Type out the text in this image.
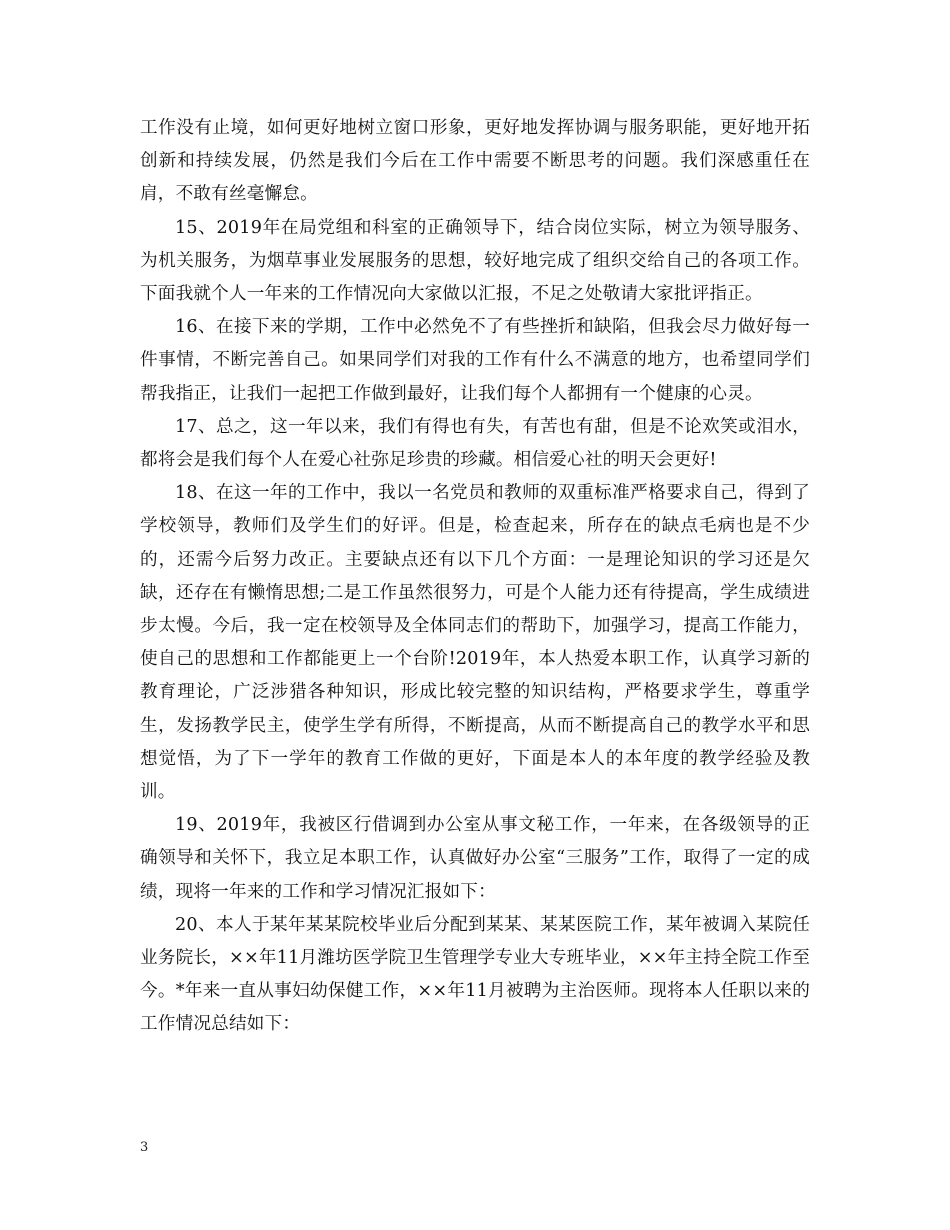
工作没有止境，如何更好地树立窗口形象，更好地发挥协调与服务职能，更好地开拓创新和持续发展，仍然是我们今后在工作中需要不断思考的问题。我们深感重任在肩，不敢有丝毫懈怠。

15、2019年在局党组和科室的正确领导下，结合岗位实际，树立为领导服务、为机关服务，为烟草事业发展服务的思想，较好地完成了组织交给自己的各项工作。下面我就个人一年来的工作情况向大家做以汇报，不足之处敬请大家批评指正。

16、在接下来的学期，工作中必然免不了有些挫折和缺陷，但我会尽力做好每一件事情，不断完善自己。如果同学们对我的工作有什么不满意的地方，也希望同学们帮我指正，让我们一起把工作做到最好，让我们每个人都拥有一个健康的心灵。

17、总之，这一年以来，我们有得也有失，有苦也有甜，但是不论欢笑或泪水，都将会是我们每个人在爱心社弥足珍贵的珍藏。相信爱心社的明天会更好!

18、在这一年的工作中，我以一名党员和教师的双重标准严格要求自己，得到了学校领导，教师们及学生们的好评。但是，检查起来，所存在的缺点毛病也是不少的，还需今后努力改正。主要缺点还有以下几个方面：一是理论知识的学习还是欠缺，还存在有懒惰思想;二是工作虽然很努力，可是个人能力还有待提高，学生成绩进步太慢。今后，我一定在校领导及全体同志们的帮助下，加强学习，提高工作能力，使自己的思想和工作都能更上一个台阶!2019年，本人热爱本职工作，认真学习新的教育理论，广泛涉猎各种知识，形成比较完整的知识结构，严格要求学生，尊重学生，发扬教学民主，使学生学有所得，不断提高，从而不断提高自己的教学水平和思想觉悟，为了下一学年的教育工作做的更好，下面是本人的本年度的教学经验及教训。

19、2019年，我被区行借调到办公室从事文秘工作，一年来，在各级领导的正确领导和关怀下，我立足本职工作，认真做好办公室“三服务”工作，取得了一定的成绩，现将一年来的工作和学习情况汇报如下：

20、本人于某年某某院校毕业后分配到某某、某某医院工作，某年被调入某院任业务院长，××年11月潍坊医学院卫生管理学专业大专班毕业，××年主持全院工作至今。*年来一直从事妇幼保健工作，××年11月被聘为主治医师。现将本人任职以来的工作情况总结如下：

3
